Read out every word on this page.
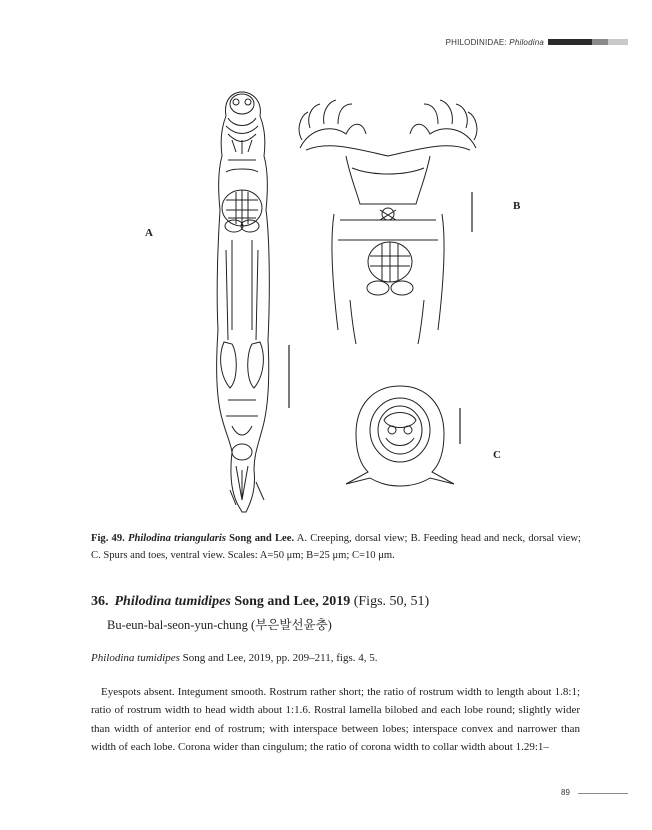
PHILODINIDAE: Philodina
A
B
C
Fig. 49. Philodina triangularis Song and Lee. A. Creeping, dorsal view; B. Feeding head and neck, dorsal view; C. Spurs and toes, ventral view. Scales: A=50 μm; B=25 μm; C=10 μm.
36. Philodina tumidipes Song and Lee, 2019 (Figs. 50, 51)
Bu-eun-bal-seon-yun-chung (부은발선윤충)
Philodina tumidipes Song and Lee, 2019, pp. 209–211, figs. 4, 5.
Eyespots absent. Integument smooth. Rostrum rather short; the ratio of rostrum width to length about 1.8:1; ratio of rostrum width to head width about 1:1.6. Rostral lamella bilobed and each lobe round; slightly wider than width of anterior end of rostrum; with interspace between lobes; interspace convex and narrower than width of each lobe. Corona wider than cingulum; the ratio of corona width to collar width about 1.29:1–
89
